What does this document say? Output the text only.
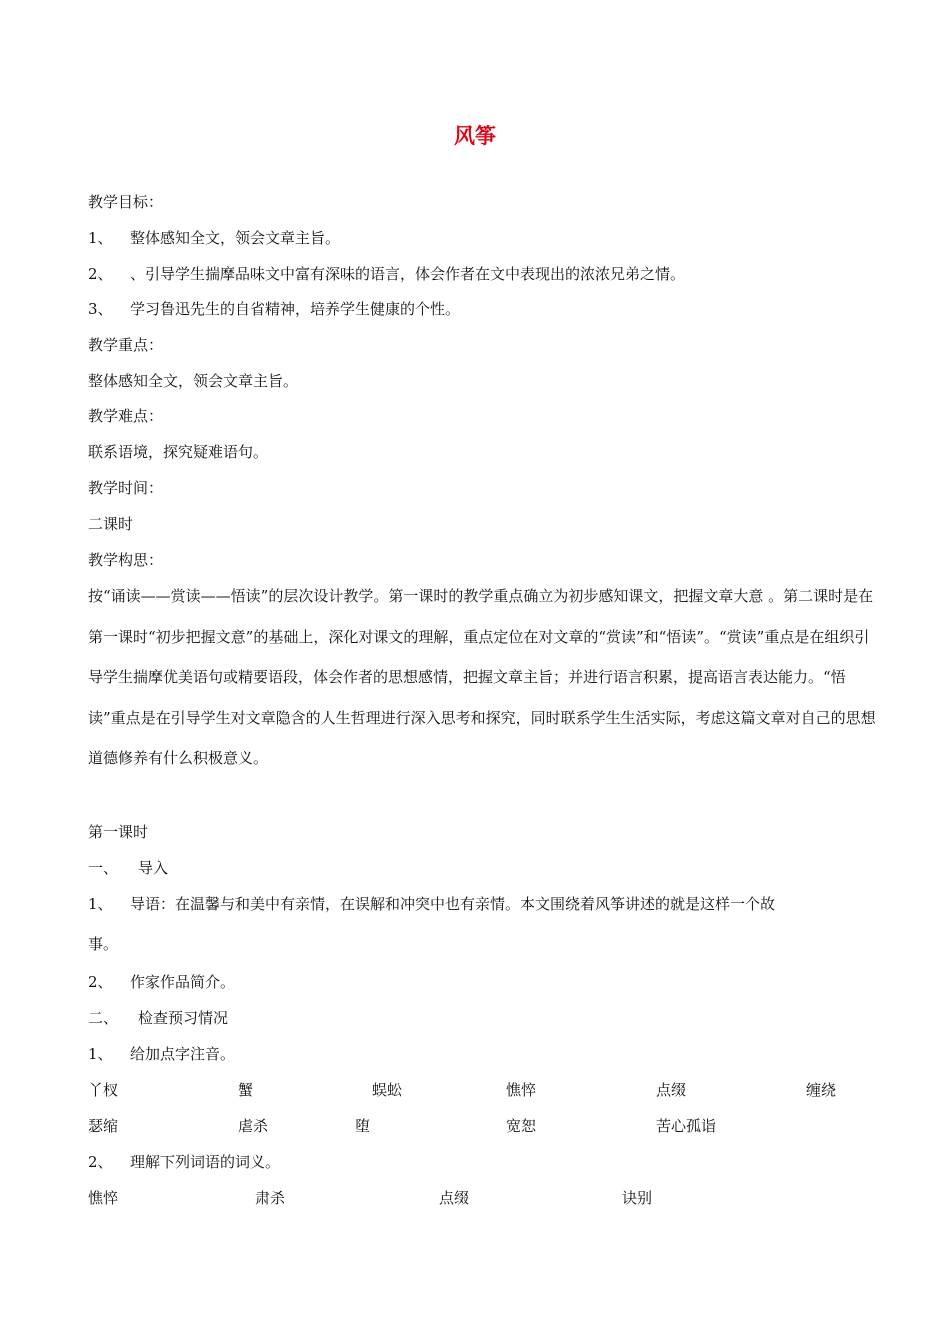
风筝
教学目标：
1、 整体感知全文，领会文章主旨。
2、 、引导学生揣摩品味文中富有深味的语言，体会作者在文中表现出的浓浓兄弟之情。
3、 学习鲁迅先生的自省精神，培养学生健康的个性。
教学重点：
整体感知全文，领会文章主旨。
教学难点：
联系语境，探究疑难语句。
教学时间：
二课时
教学构思：
按“诵读——赏读——悟读”的层次设计教学。第一课时的教学重点确立为初步感知课文，把握文章大意 。第二课时是在第一课时“初步把握文意”的基础上，深化对课文的理解，重点定位在对文章的“赏读”和“悟读”。“赏读”重点是在组织引导学生揣摩优美语句或精要语段，体会作者的思想感情，把握文章主旨；并进行语言积累，提高语言表达能力。“悟读”重点是在引导学生对文章隐含的人生哲理进行深入思考和探究，同时联系学生生活实际，考虑这篇文章对自己的思想道德修养有什么积极意义。
第一课时
一、 导入
1、 导语：在温馨与和美中有亲情，在误解和冲突中也有亲情。本文围绕着风筝讲述的就是这样一个故
事。
2、 作家作品简介。
二、 检查预习情况
1、 给加点字注音。
丫杈	蟹	蜈蚣	憔悴	点缀	缠绕
瑟缩	虐杀	堕	宽恕	苦心孤诣
2、 理解下列词语的词义。
憔悴	肃杀	点缀	诀别
